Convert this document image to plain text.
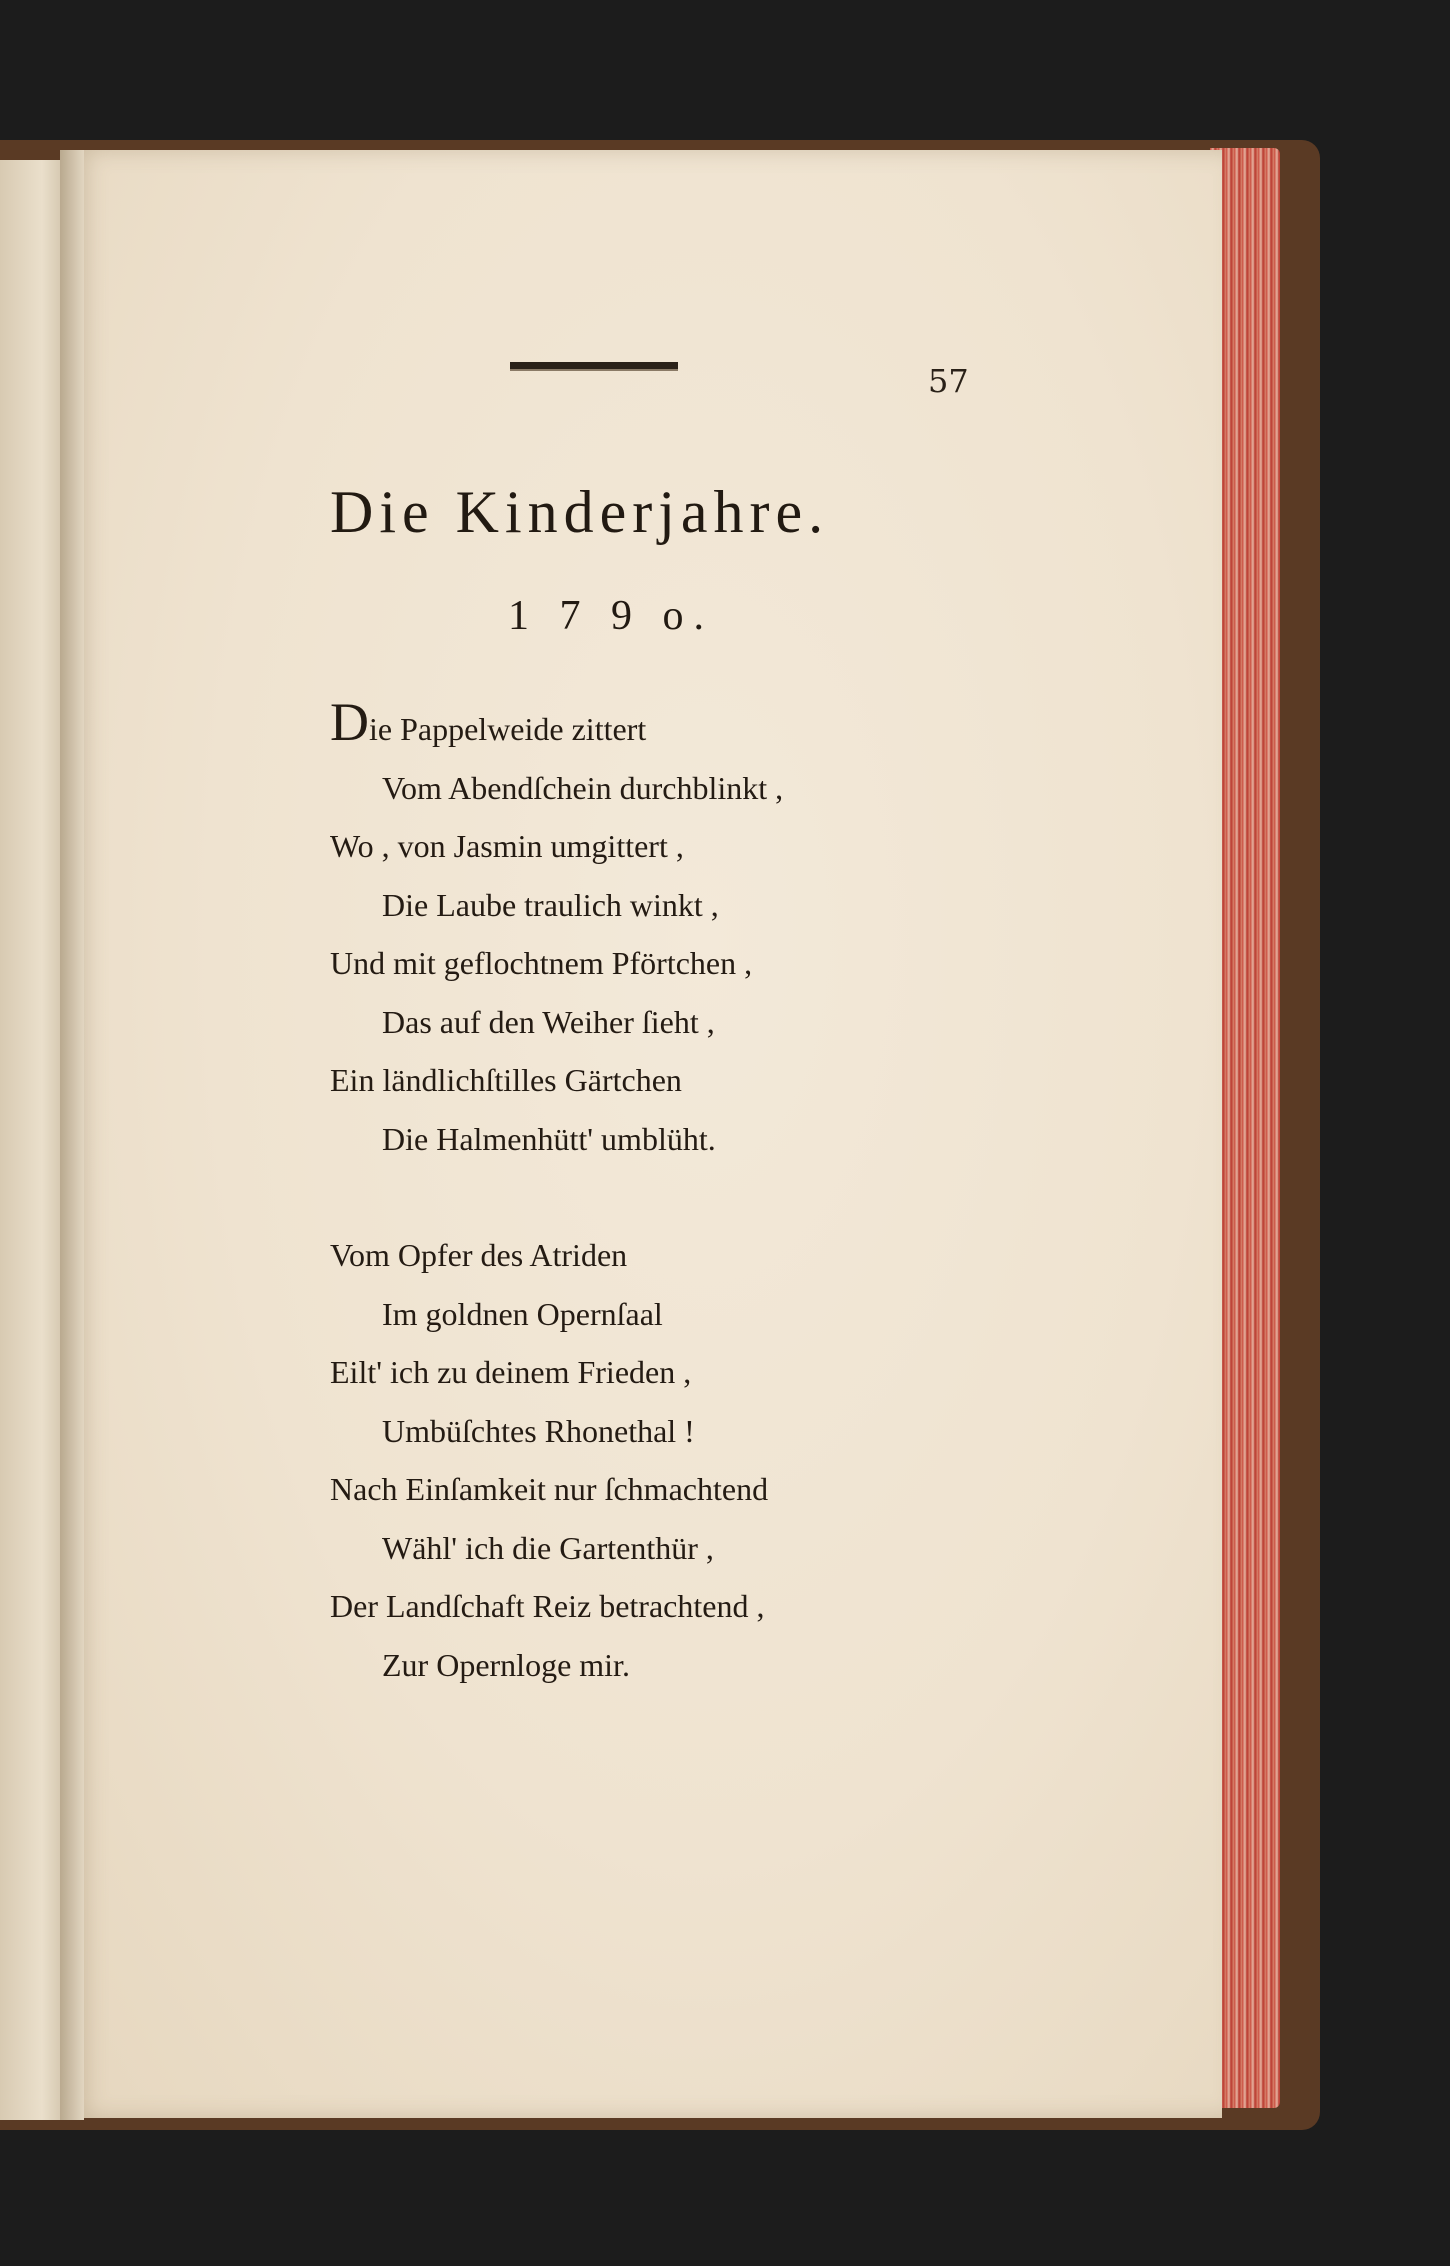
57
Die Kinderjahre.
1 7 9 o.
Die Pappelweide zittert
Vom Abendſchein durchblinkt ,
Wo , von Jasmin umgittert ,
Die Laube traulich winkt ,
Und mit geflochtnem Pförtchen ,
Das auf den Weiher ſieht ,
Ein ländlichſtilles Gärtchen
Die Halmenhütt' umblüht.
Vom Opfer des Atriden
Im goldnen Opernſaal
Eilt' ich zu deinem Frieden ,
Umbüſchtes Rhonethal !
Nach Einſamkeit nur ſchmachtend
Wähl' ich die Gartenthür ,
Der Landſchaft Reiz betrachtend ,
Zur Opernloge mir.
